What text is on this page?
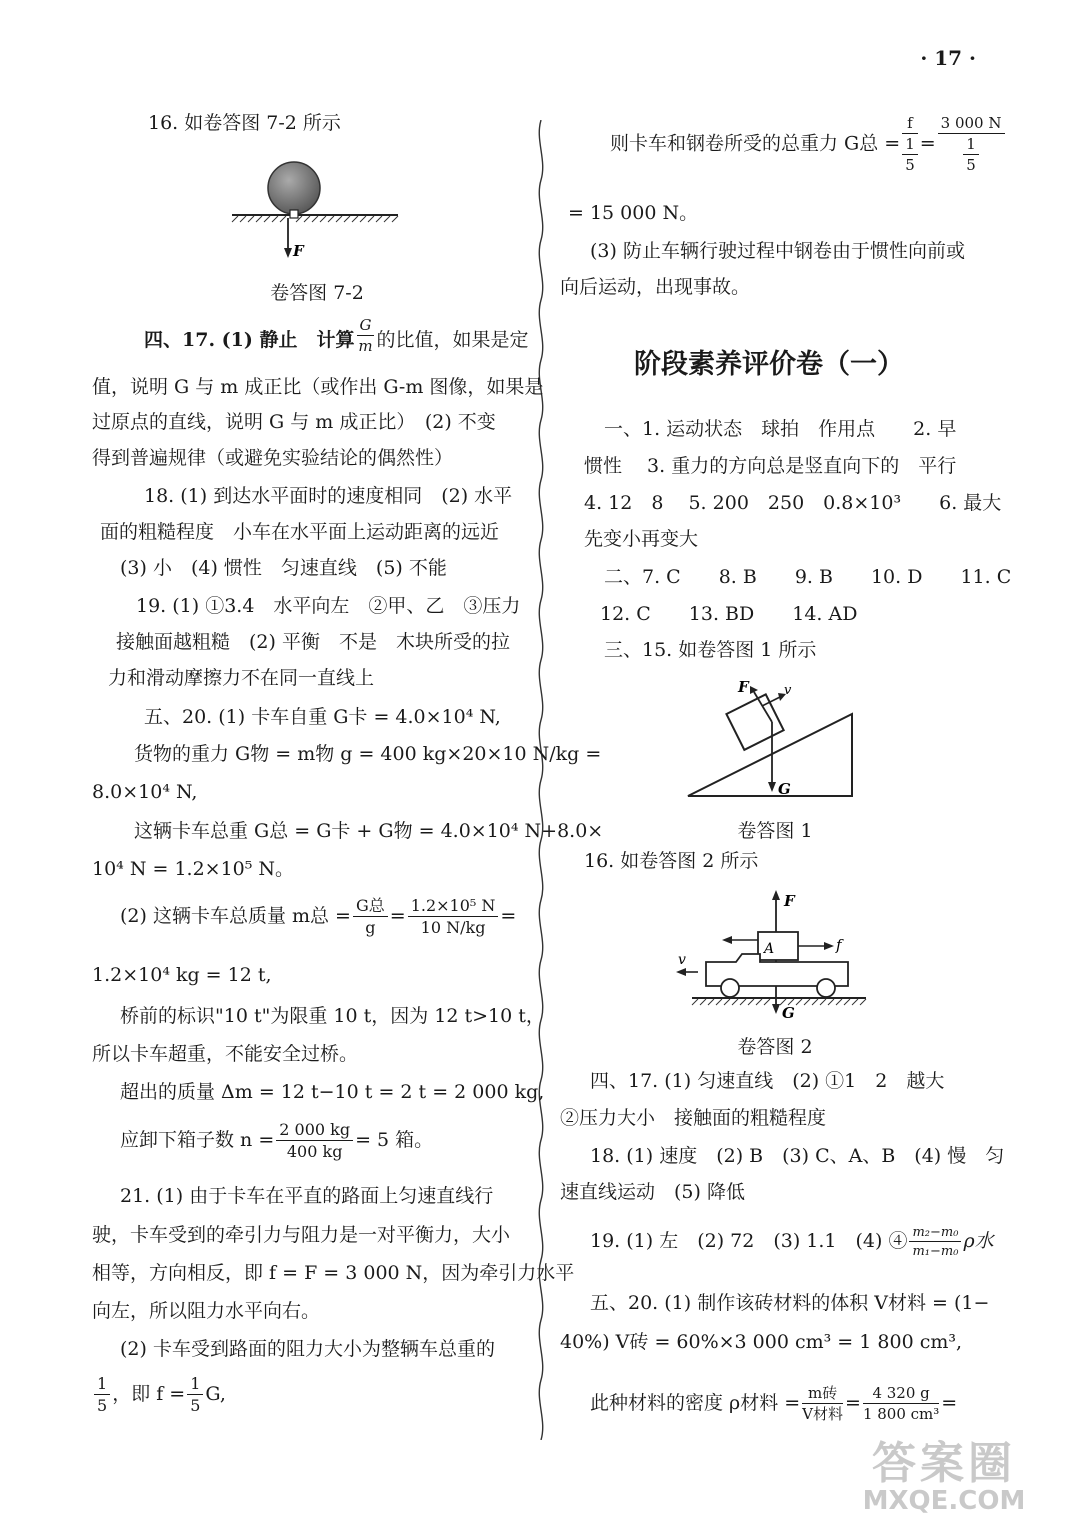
· 17 ·
16. 如卷答图 7-2 所示
F
卷答图 7-2
四、17. (1) 静止　计算 $\frac{G}{m}$ 的比值，如果是定
值，说明 G 与 m 成正比（或作出 G-m 图像，如果是
过原点的直线，说明 G 与 m 成正比）　(2) 不变
得到普遍规律（或避免实验结论的偶然性）
18. (1) 到达水平面时的速度相同　(2) 水平
面的粗糙程度　小车在水平面上运动距离的远近
(3) 小　(4) 惯性　匀速直线　(5) 不能
19. (1) ①3.4　水平向左　②甲、乙　③压力
接触面越粗糙　(2) 平衡　不是　木块所受的拉
力和滑动摩擦力不在同一直线上
五、20. (1) 卡车自重 G卡 = 4.0×10⁴ N,
货物的重力 G物 = m物 g = 400 kg×20×10 N/kg =
8.0×10⁴ N,
这辆卡车总重 G总 = G卡 + G物 = 4.0×10⁴ N+8.0×
10⁴ N = 1.2×10⁵ N。
(2) 这辆卡车总质量 m总 = $\frac{\text{G总}}{g} = \frac{\text{1.2×10⁵ N}}{10 N/kg}$ =
1.2×10⁴ kg = 12 t,
桥前的标识"10 t"为限重 10 t，因为 12 t>10 t，
所以卡车超重，不能安全过桥。
超出的质量 Δm = 12 t−10 t = 2 t = 2 000 kg,
应卸下箱子数 $n = \frac{2 000 kg}{400 kg} = 5$ 箱。
21. (1) 由于卡车在平直的路面上匀速直线行
驶，卡车受到的牵引力与阻力是一对平衡力，大小
相等，方向相反，即 f = F = 3 000 N，因为牵引力水平
向左，所以阻力水平向右。
(2) 卡车受到路面的阻力大小为整辆车总重的
$\frac{1}{5}$ ，即 $f = \frac{1}{5} G$,
则卡车和钢卷所受的总重力 G总 = $\frac{f}{\frac{1}{5}} = \frac{3 000 N}{\frac{1}{5}}$
= 15 000 N。
(3) 防止车辆行驶过程中钢卷由于惯性向前或
向后运动，出现事故。
阶段素养评价卷（一）
一、1. 运动状态　球拍　作用点　　2. 早
惯性　 3. 重力的方向总是竖直向下的　平行
4. 12　8　 5. 200　250　0.8×10³　　6. 最大
先变小再变大
二、7. C　　8. B　　9. B　　10. D　　11. C
12. C　　13. BD　　14. AD
三、15. 如卷答图 1 所示
G
F	v
卷答图 1
16. 如卷答图 2 所示
F
G
A	f
v
卷答图 2
四、17. (1) 匀速直线　(2) ①1　2　越大
②压力大小　接触面的粗糙程度
18. (1) 速度　(2) B　(3) C、A、B　(4) 慢　匀
速直线运动　(5) 降低
19. (1) 左　(2) 72　(3) 1.1　(4) ④ $\frac{\text{m₂−m₀}}{\text{m₁−m₀}}$ ρ水
五、20. (1) 制作该砖材料的体积 V材料 = (1−
40%) V砖 = 60%×3 000 cm³ = 1 800 cm³,
此种材料的密度 ρ材料 = $\frac{\text{m砖}}{\text{V材料}} = \frac{4 320 g}{\text{1 800 cm³}}$ =
答案圈
MXQE.COM
